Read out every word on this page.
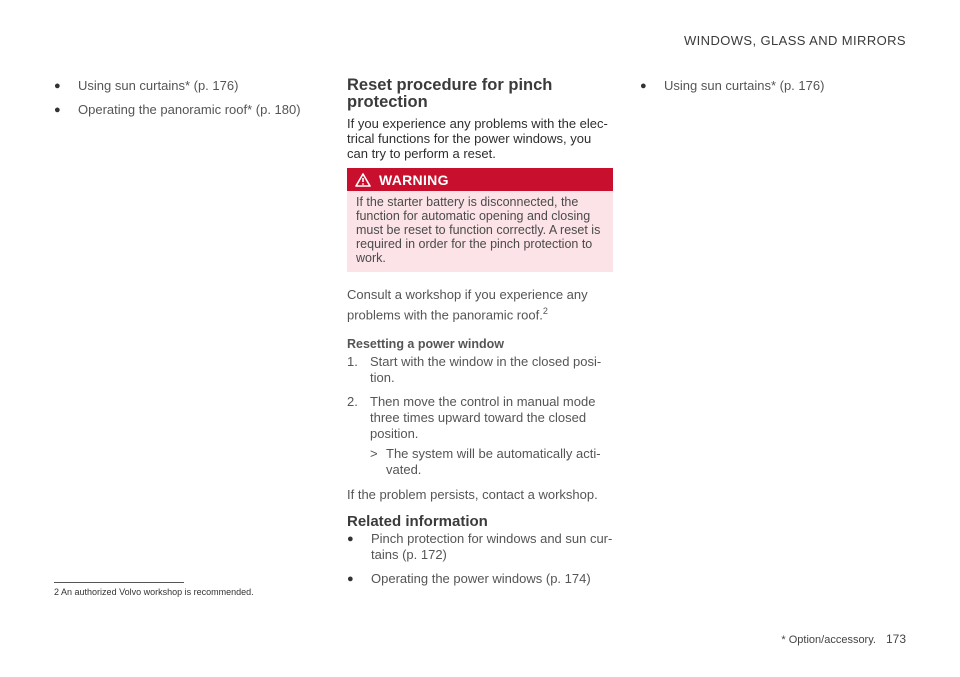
WINDOWS, GLASS AND MIRRORS
● Using sun curtains* (p. 176)
● Operating the panoramic roof* (p. 180)
Reset procedure for pinch protection

If you experience any problems with the electrical functions for the power windows, you can try to perform a reset.

WARNING
If the starter battery is disconnected, the function for automatic opening and closing must be reset to function correctly. A reset is required in order for the pinch protection to work.

Consult a workshop if you experience any problems with the panoramic roof.$^2$

Resetting a power window
1. Start with the window in the closed position.
2. Then move the control in manual mode three times upward toward the closed position.
> The system will be automatically activated.

If the problem persists, contact a workshop.

Related information
● Pinch protection for windows and sun curtains (p. 172)
● Operating the power windows (p. 174)
● Using sun curtains* (p. 176)
2 An authorized Volvo workshop is recommended.
* Option/accessory. 173
